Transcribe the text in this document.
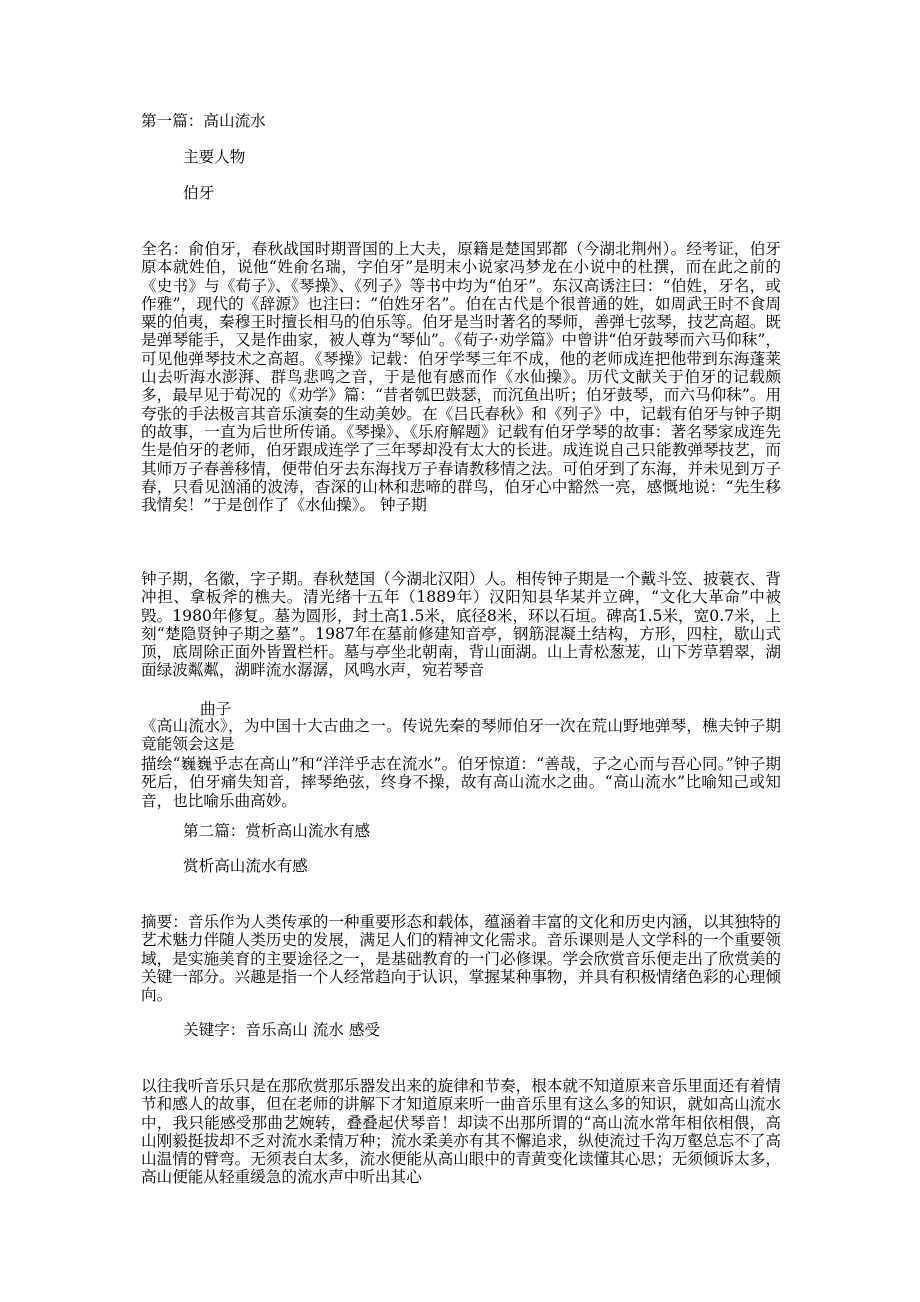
第一篇：高山流水
主要人物
伯牙
全名：俞伯牙，春秋战国时期晋国的上大夫，原籍是楚国郢都（今湖北荆州）。经考证，伯牙原本就姓伯，说他“姓俞名瑞，字伯牙”是明末小说家冯梦龙在小说中的杜撰，而在此之前的《史书》与《荀子》、《琴操》、《列子》等书中均为“伯牙”。东汉高诱注曰：“伯姓，牙名，或作雅”，现代的《辞源》也注曰：“伯姓牙名”。伯在古代是个很普通的姓，如周武王时不食周粟的伯夷，秦穆王时擅长相马的伯乐等。伯牙是当时著名的琴师，善弹七弦琴，技艺高超。既是弹琴能手，又是作曲家，被人尊为“琴仙”。《荀子·劝学篇》中曾讲“伯牙鼓琴而六马仰秣”，可见他弹琴技术之高超。《琴操》记载：伯牙学琴三年不成，他的老师成连把他带到东海蓬莱山去听海水澎湃、群鸟悲鸣之音，于是他有感而作《水仙操》。历代文献关于伯牙的记载颇多，最早见于荀况的《劝学》篇：“昔者瓠巴鼓瑟，而沉鱼出听；伯牙鼓琴，而六马仰秣”。用夸张的手法极言其音乐演奏的生动美妙。在《吕氏春秋》和《列子》中，记载有伯牙与钟子期的故事，一直为后世所传诵。《琴操》、《乐府解题》记载有伯牙学琴的故事：著名琴家成连先生是伯牙的老师，伯牙跟成连学了三年琴却没有太大的长进。成连说自己只能教弹琴技艺，而其师万子春善移情，便带伯牙去东海找万子春请教移情之法。可伯牙到了东海，并未见到万子春，只看见汹涌的波涛，杳深的山林和悲啼的群鸟，伯牙心中豁然一亮，感慨地说：“先生移我情矣！”于是创作了《水仙操》。 钟子期
钟子期，名徽，字子期。春秋楚国（今湖北汉阳）人。相传钟子期是一个戴斗笠、披蓑衣、背冲担、拿板斧的樵夫。清光绪十五年（1889年）汉阳知县华某并立碑，“文化大革命”中被毁。1980年修复。墓为圆形，封土高1.5米，底径8米，环以石垣。碑高1.5米，宽0.7米，上刻“楚隐贤钟子期之墓”。1987年在墓前修建知音亭，钢筋混凝土结构，方形，四柱，歇山式顶，底周除正面外皆置栏杆。墓与亭坐北朝南，背山面湖。山上青松葱茏，山下芳草碧翠，湖面绿波粼粼，湖畔流水潺潺，风鸣水声，宛若琴音
曲子
《高山流水》，为中国十大古曲之一。传说先秦的琴师伯牙一次在荒山野地弹琴，樵夫钟子期竟能领会这是
描绘“巍巍乎志在高山”和“洋洋乎志在流水”。伯牙惊道：“善哉，子之心而与吾心同。”钟子期死后，伯牙痛失知音，摔琴绝弦，终身不操，故有高山流水之曲。“高山流水”比喻知己或知音，也比喻乐曲高妙。
第二篇：赏析高山流水有感
赏析高山流水有感
摘要：音乐作为人类传承的一种重要形态和载体，蕴涵着丰富的文化和历史内涵，以其独特的艺术魅力伴随人类历史的发展，满足人们的精神文化需求。音乐课则是人文学科的一个重要领域，是实施美育的主要途径之一，是基础教育的一门必修课。学会欣赏音乐便走出了欣赏美的关键一部分。兴趣是指一个人经常趋向于认识，掌握某种事物，并具有积极情绪色彩的心理倾向。
关键字：音乐高山 流水 感受
以往我听音乐只是在那欣赏那乐器发出来的旋律和节奏，根本就不知道原来音乐里面还有着情节和感人的故事，但在老师的讲解下才知道原来听一曲音乐里有这么多的知识，就如高山流水中，我只能感受那曲艺婉转，叠叠起伏琴音！却读不出那所谓的“高山流水常年相依相偎，高山刚毅挺拔却不乏对流水柔情万种；流水柔美亦有其不懈追求，纵使流过千沟万壑总忘不了高山温情的臂弯。无须表白太多，流水便能从高山眼中的青黄变化读懂其心思；无须倾诉太多，高山便能从轻重缓急的流水声中听出其心
